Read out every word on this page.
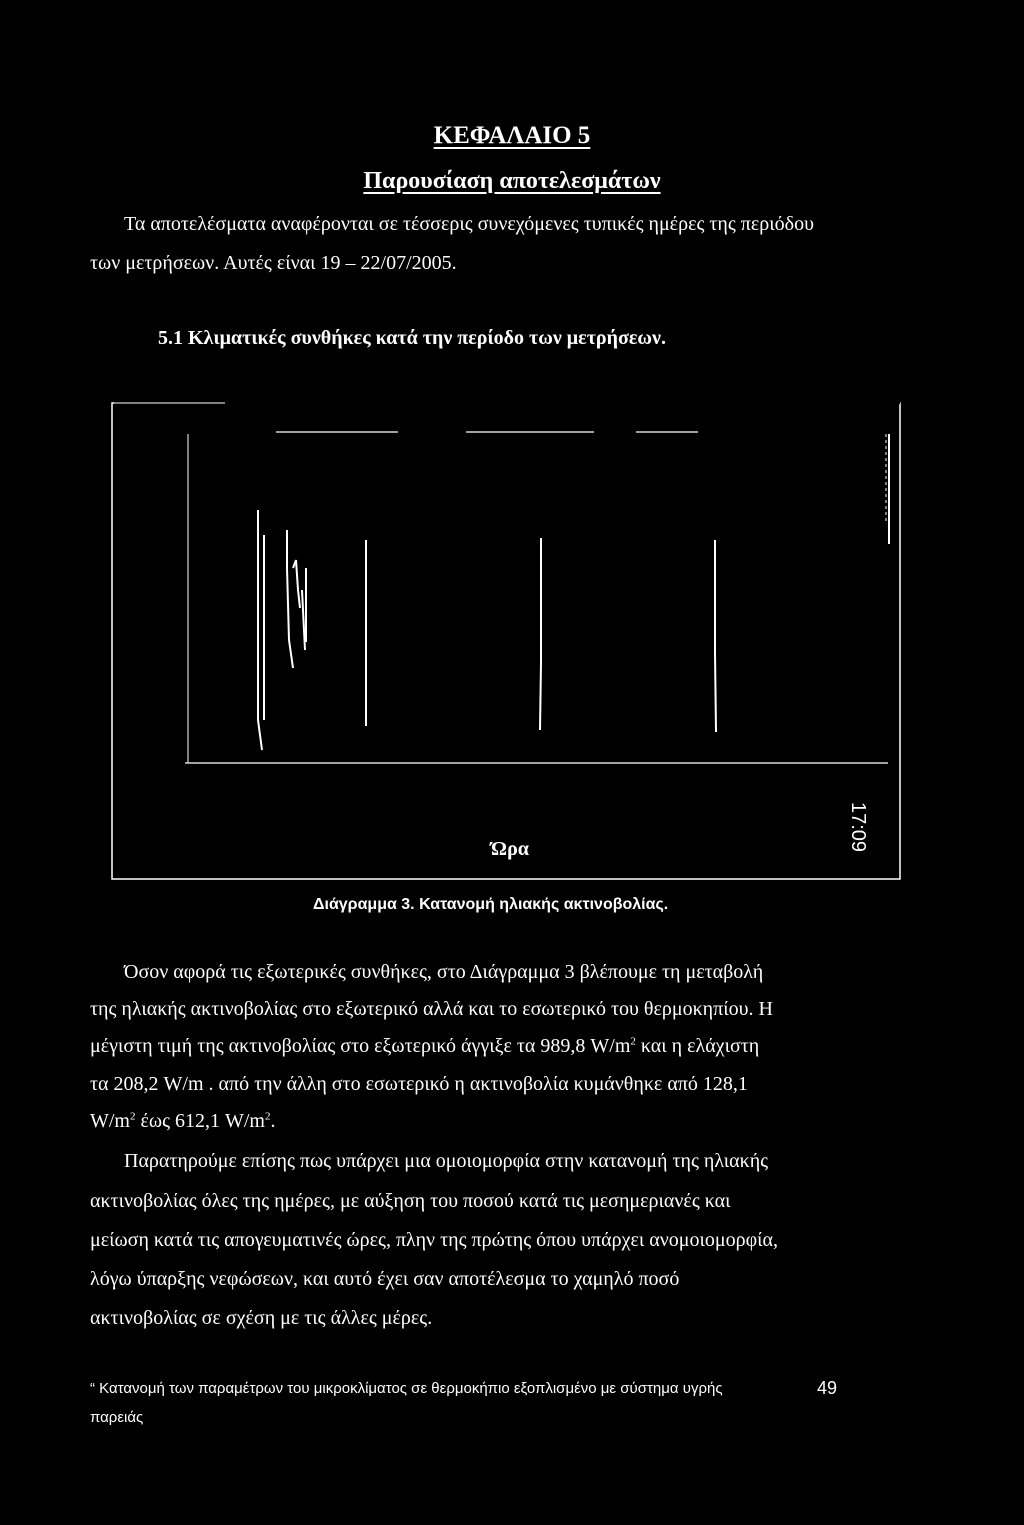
ΚΕΦΑΛΑΙΟ 5
Παρουσίαση αποτελεσμάτων

Τα αποτελέσματα αναφέρονται σε τέσσερις συνεχόμενες τυπικές ημέρες της περιόδου

των μετρήσεων. Αυτές είναι 19 – 22/07/2005.

5.1 Κλιματικές συνθήκες κατά την περίοδο των μετρήσεων.

Ώρα	17:09

Διάγραμμα 3. Κατανομή ηλιακής ακτινοβολίας.

Όσον αφορά τις εξωτερικές συνθήκες, στο Διάγραμμα 3 βλέπουμε τη μεταβολή

της ηλιακής ακτινοβολίας στο εξωτερικό αλλά και το εσωτερικό του θερμοκηπίου. Η

μέγιστη τιμή της ακτινοβολίας στο εξωτερικό άγγιξε τα 989,8 $W/m^2$ και η ελάχιστη

τα 208,2 W/m . από την άλλη στο εσωτερικό η ακτινοβολία κυμάνθηκε από 128,1

$W/m^2$ έως 612,1 $W/m^2$.

Παρατηρούμε επίσης πως υπάρχει μια ομοιομορφία στην κατανομή της ηλιακής

ακτινοβολίας όλες της ημέρες, με αύξηση του ποσού κατά τις μεσημεριανές και

μείωση κατά τις απογευματινές ώρες, πλην της πρώτης όπου υπάρχει ανομοιομορφία,

λόγω ύπαρξης νεφώσεων, και αυτό έχει σαν αποτέλεσμα το χαμηλό ποσό

ακτινοβολίας σε σχέση με τις άλλες μέρες.

“ Κατανομή των παραμέτρων του μικροκλίματος σε θερμοκήπιο εξοπλισμένο με σύστημα υγρής

παρειάς

49
